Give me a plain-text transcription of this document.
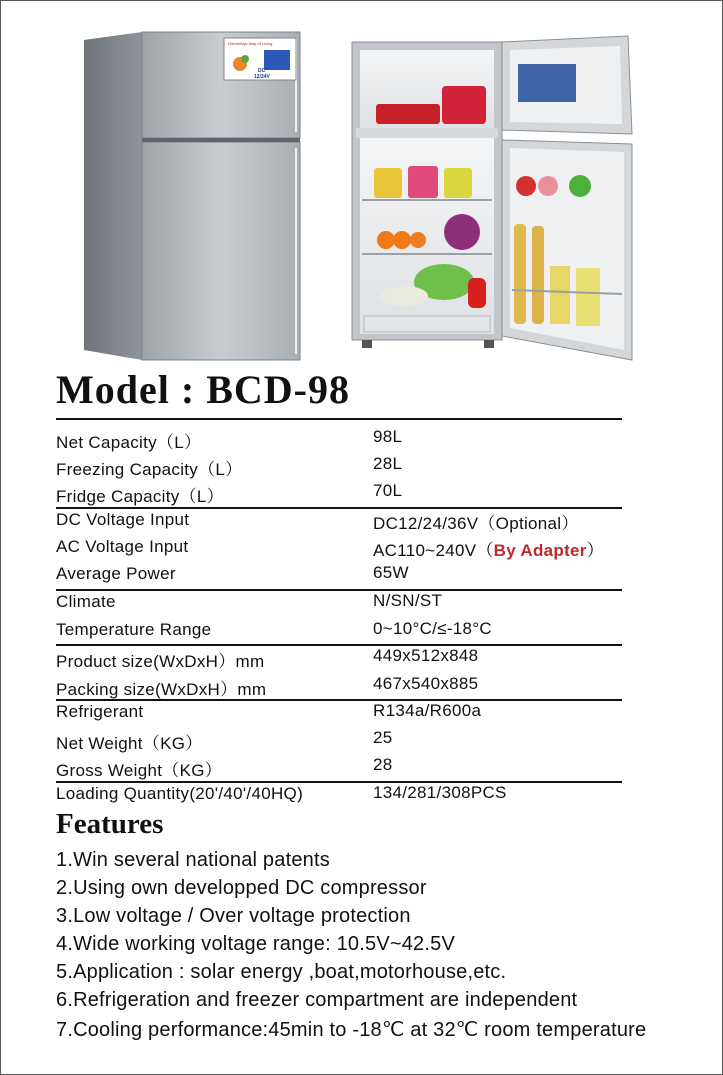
Drbrhnhlyk Way of Living
DC
12/24V
Model : BCD-98
Net Capacity（L）	98L
Freezing Capacity（L）	28L
Fridge Capacity（L）	70L
DC Voltage Input	DC12/24/36V（Optional）
AC Voltage Input	AC110~240V（By Adapter）
Average Power	65W
Climate	N/SN/ST
Temperature Range	0~10°C/≤-18°C
Product size(WxDxH）mm	449x512x848
Packing size(WxDxH）mm	467x540x885
Refrigerant	R134a/R600a
Net Weight（KG）	25
Gross Weight（KG）	28
Loading Quantity(20'/40'/40HQ)	134/281/308PCS
Features
1.Win several national patents
2.Using own developped DC compressor
3.Low voltage / Over voltage protection
4.Wide working voltage range: 10.5V~42.5V
5.Application : solar energy ,boat,motorhouse,etc.
6.Refrigeration and freezer compartment are independent
7.Cooling performance:45min to -18℃ at 32℃ room temperature
